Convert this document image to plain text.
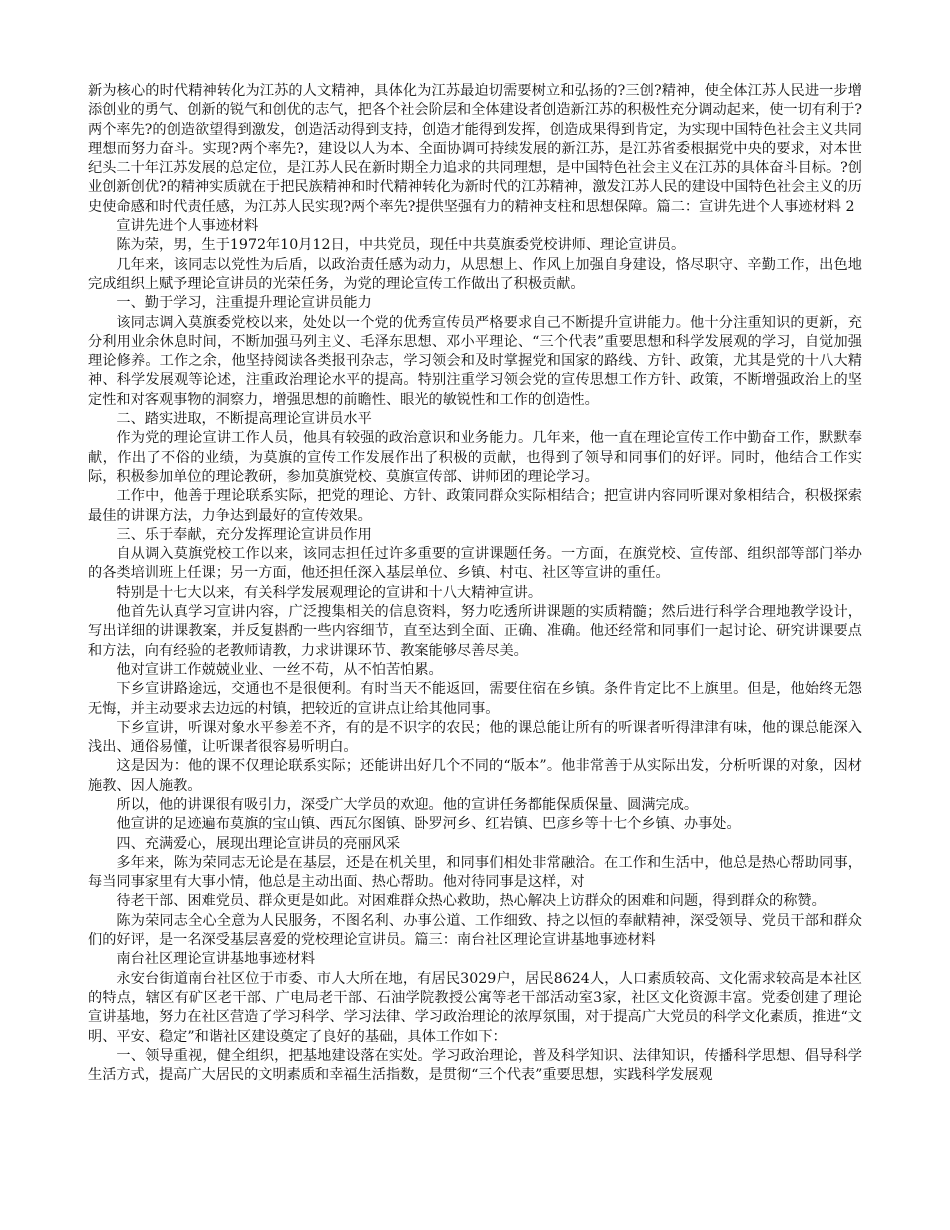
新为核心的时代精神转化为江苏的人文精神，具体化为江苏最迫切需要树立和弘扬的?三创?精神，使全体江苏人民进一步增添创业的勇气、创新的锐气和创优的志气，把各个社会阶层和全体建设者创造新江苏的积极性充分调动起来，使一切有利于?两个率先?的创造欲望得到激发，创造活动得到支持，创造才能得到发挥，创造成果得到肯定，为实现中国特色社会主义共同理想而努力奋斗。实现?两个率先?，建设以人为本、全面协调可持续发展的新江苏，是江苏省委根据党中央的要求，对本世纪头二十年江苏发展的总定位，是江苏人民在新时期全力追求的共同理想，是中国特色社会主义在江苏的具体奋斗目标。?创业创新创优?的精神实质就在于把民族精神和时代精神转化为新时代的江苏精神，激发江苏人民的建设中国特色社会主义的历史使命感和时代责任感，为江苏人民实现?两个率先?提供坚强有力的精神支柱和思想保障。篇二：宣讲先进个人事迹材料 2

宣讲先进个人事迹材料

陈为荣，男，生于1972年10月12日，中共党员，现任中共莫旗委党校讲师、理论宣讲员。

几年来，该同志以党性为后盾，以政治责任感为动力，从思想上、作风上加强自身建设，恪尽职守、辛勤工作，出色地完成组织上赋予理论宣讲员的光荣任务，为党的理论宣传工作做出了积极贡献。

一、勤于学习，注重提升理论宣讲员能力

该同志调入莫旗委党校以来，处处以一个党的优秀宣传员严格要求自己不断提升宣讲能力。他十分注重知识的更新，充分利用业余休息时间，不断加强马列主义、毛泽东思想、邓小平理论、“三个代表”重要思想和科学发展观的学习，自觉加强理论修养。工作之余，他坚持阅读各类报刊杂志，学习领会和及时掌握党和国家的路线、方针、政策，尤其是党的十八大精神、科学发展观等论述，注重政治理论水平的提高。特别注重学习领会党的宣传思想工作方针、政策，不断增强政治上的坚定性和对客观事物的洞察力，增强思想的前瞻性、眼光的敏锐性和工作的创造性。

二、踏实进取，不断提高理论宣讲员水平

作为党的理论宣讲工作人员，他具有较强的政治意识和业务能力。几年来，他一直在理论宣传工作中勤奋工作，默默奉献，作出了不俗的业绩，为莫旗的宣传工作发展作出了积极的贡献，也得到了领导和同事们的好评。同时，他结合工作实际，积极参加单位的理论教研，参加莫旗党校、莫旗宣传部、讲师团的理论学习。

工作中，他善于理论联系实际，把党的理论、方针、政策同群众实际相结合；把宣讲内容同听课对象相结合，积极探索最佳的讲课方法，力争达到最好的宣传效果。

三、乐于奉献，充分发挥理论宣讲员作用

自从调入莫旗党校工作以来，该同志担任过许多重要的宣讲课题任务。一方面，在旗党校、宣传部、组织部等部门举办的各类培训班上任课；另一方面，他还担任深入基层单位、乡镇、村屯、社区等宣讲的重任。

特别是十七大以来，有关科学发展观理论的宣讲和十八大精神宣讲。

他首先认真学习宣讲内容，广泛搜集相关的信息资料，努力吃透所讲课题的实质精髓；然后进行科学合理地教学设计，写出详细的讲课教案，并反复斟酌一些内容细节，直至达到全面、正确、准确。他还经常和同事们一起讨论、研究讲课要点和方法，向有经验的老教师请教，力求讲课环节、教案能够尽善尽美。

他对宣讲工作兢兢业业、一丝不苟，从不怕苦怕累。

下乡宣讲路途远，交通也不是很便利。有时当天不能返回，需要住宿在乡镇。条件肯定比不上旗里。但是，他始终无怨无悔，并主动要求去边远的村镇，把较近的宣讲点让给其他同事。

下乡宣讲，听课对象水平参差不齐，有的是不识字的农民；他的课总能让所有的听课者听得津津有味，他的课总能深入浅出、通俗易懂，让听课者很容易听明白。

这是因为：他的课不仅理论联系实际；还能讲出好几个不同的“版本”。他非常善于从实际出发，分析听课的对象，因材施教、因人施教。

所以，他的讲课很有吸引力，深受广大学员的欢迎。他的宣讲任务都能保质保量、圆满完成。

他宣讲的足迹遍布莫旗的宝山镇、西瓦尔图镇、卧罗河乡、红岩镇、巴彦乡等十七个乡镇、办事处。

四、充满爱心，展现出理论宣讲员的亮丽风采

多年来，陈为荣同志无论是在基层，还是在机关里，和同事们相处非常融洽。在工作和生活中，他总是热心帮助同事，每当同事家里有大事小情，他总是主动出面、热心帮助。他对待同事是这样，对

待老干部、困难党员、群众更是如此。对困难群众热心救助，热心解决上访群众的困难和问题，得到群众的称赞。

陈为荣同志全心全意为人民服务，不图名利、办事公道、工作细致、持之以恒的奉献精神，深受领导、党员干部和群众们的好评，是一名深受基层喜爱的党校理论宣讲员。篇三：南台社区理论宣讲基地事迹材料

南台社区理论宣讲基地事迹材料

永安台街道南台社区位于市委、市人大所在地，有居民3029户，居民8624人，人口素质较高、文化需求较高是本社区的特点，辖区有矿区老干部、广电局老干部、石油学院教授公寓等老干部活动室3家，社区文化资源丰富。党委创建了理论宣讲基地，努力在社区营造了学习科学、学习法律、学习政治理论的浓厚氛围，对于提高广大党员的科学文化素质，推进“文明、平安、稳定”和谐社区建设奠定了良好的基础，具体工作如下：

一、领导重视，健全组织，把基地建设落在实处。学习政治理论，普及科学知识、法律知识，传播科学思想、倡导科学生活方式，提高广大居民的文明素质和幸福生活指数，是贯彻“三个代表”重要思想，实践科学发展观
